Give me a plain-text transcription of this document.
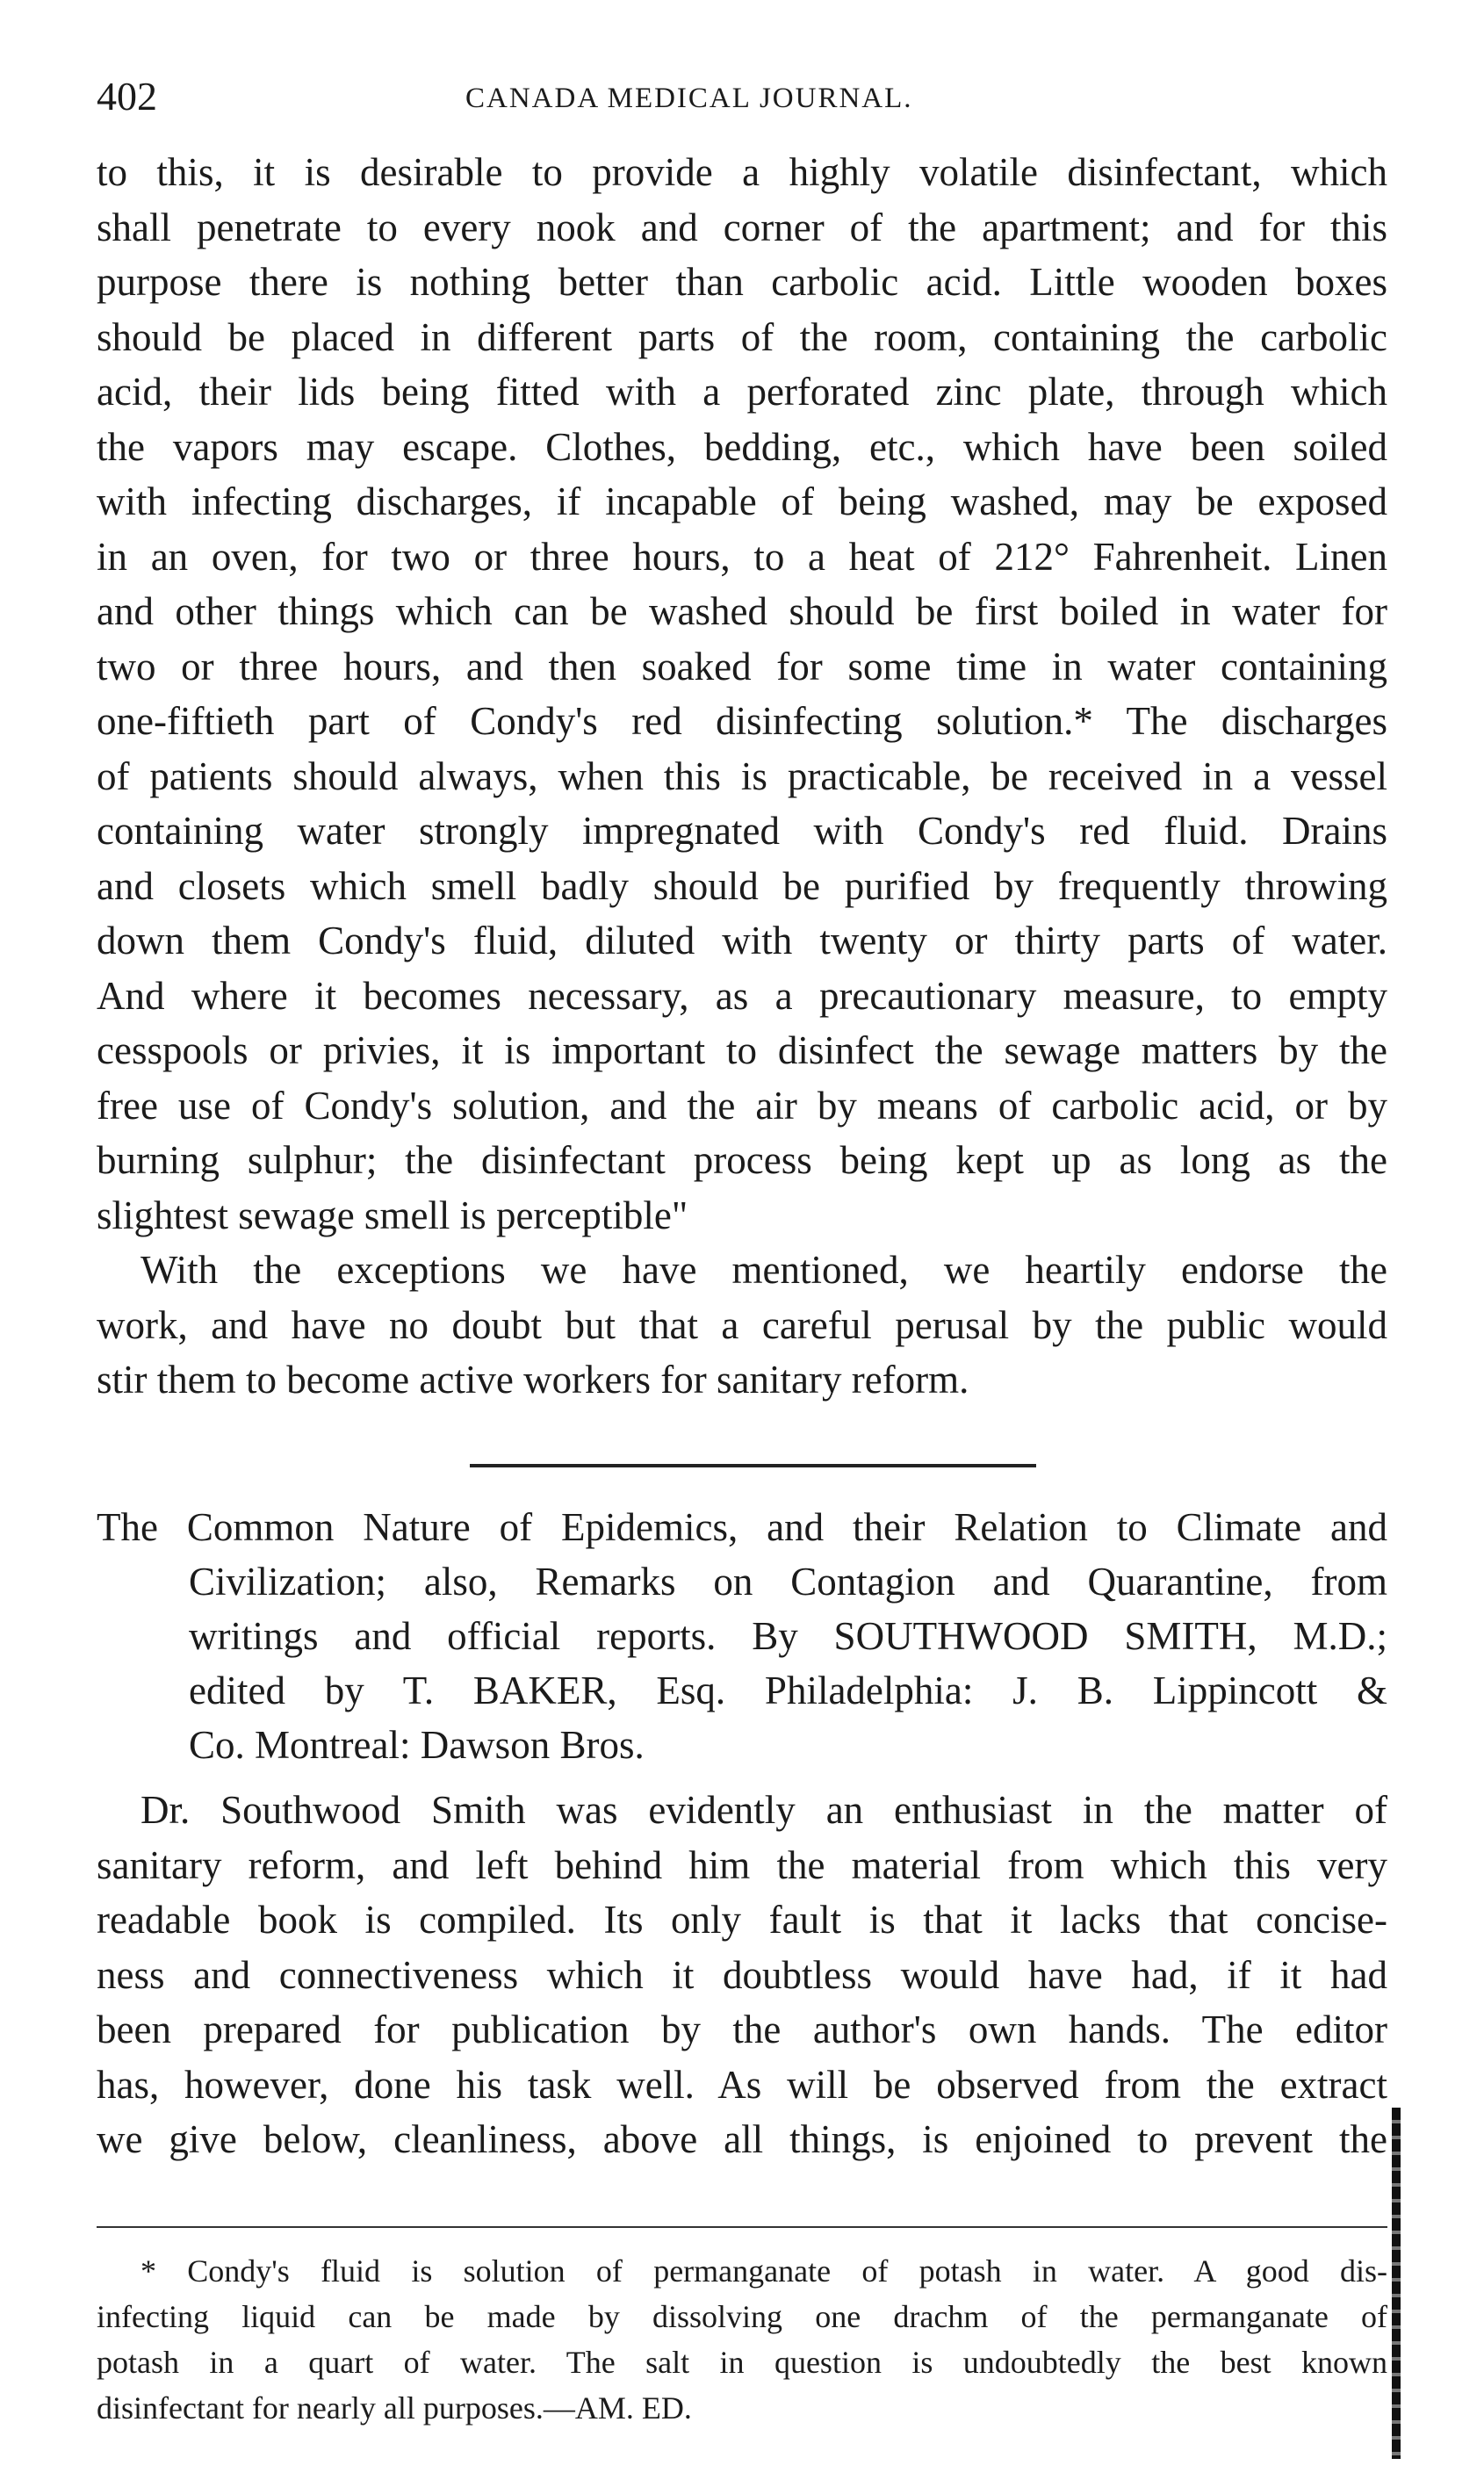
402	CANADA MEDICAL JOURNAL.
to this, it is desirable to provide a highly volatile disinfectant, which
shall penetrate to every nook and corner of the apartment; and for this
purpose there is nothing better than carbolic acid. Little wooden boxes
should be placed in different parts of the room, containing the carbolic
acid, their lids being fitted with a perforated zinc plate, through which
the vapors may escape. Clothes, bedding, etc., which have been soiled
with infecting discharges, if incapable of being washed, may be exposed
in an oven, for two or three hours, to a heat of 212° Fahrenheit. Linen
and other things which can be washed should be first boiled in water for
two or three hours, and then soaked for some time in water containing
one-fiftieth part of Condy's red disinfecting solution.* The discharges
of patients should always, when this is practicable, be received in a vessel
containing water strongly impregnated with Condy's red fluid. Drains
and closets which smell badly should be purified by frequently throwing
down them Condy's fluid, diluted with twenty or thirty parts of water.
And where it becomes necessary, as a precautionary measure, to empty
cesspools or privies, it is important to disinfect the sewage matters by the
free use of Condy's solution, and the air by means of carbolic acid, or by
burning sulphur; the disinfectant process being kept up as long as the
slightest sewage smell is perceptible"
With the exceptions we have mentioned, we heartily endorse the
work, and have no doubt but that a careful perusal by the public would
stir them to become active workers for sanitary reform.
The Common Nature of Epidemics, and their Relation to Climate and
Civilization; also, Remarks on Contagion and Quarantine, from
writings and official reports. By SOUTHWOOD SMITH, M.D.;
edited by T. BAKER, Esq. Philadelphia: J. B. Lippincott &
Co. Montreal: Dawson Bros.
Dr. Southwood Smith was evidently an enthusiast in the matter of
sanitary reform, and left behind him the material from which this very
readable book is compiled. Its only fault is that it lacks that concise-
ness and connectiveness which it doubtless would have had, if it had
been prepared for publication by the author's own hands. The editor
has, however, done his task well. As will be observed from the extract
we give below, cleanliness, above all things, is enjoined to prevent the
* Condy's fluid is solution of permanganate of potash in water. A good dis-
infecting liquid can be made by dissolving one drachm of the permanganate of
potash in a quart of water. The salt in question is undoubtedly the best known
disinfectant for nearly all purposes.—AM. ED.
